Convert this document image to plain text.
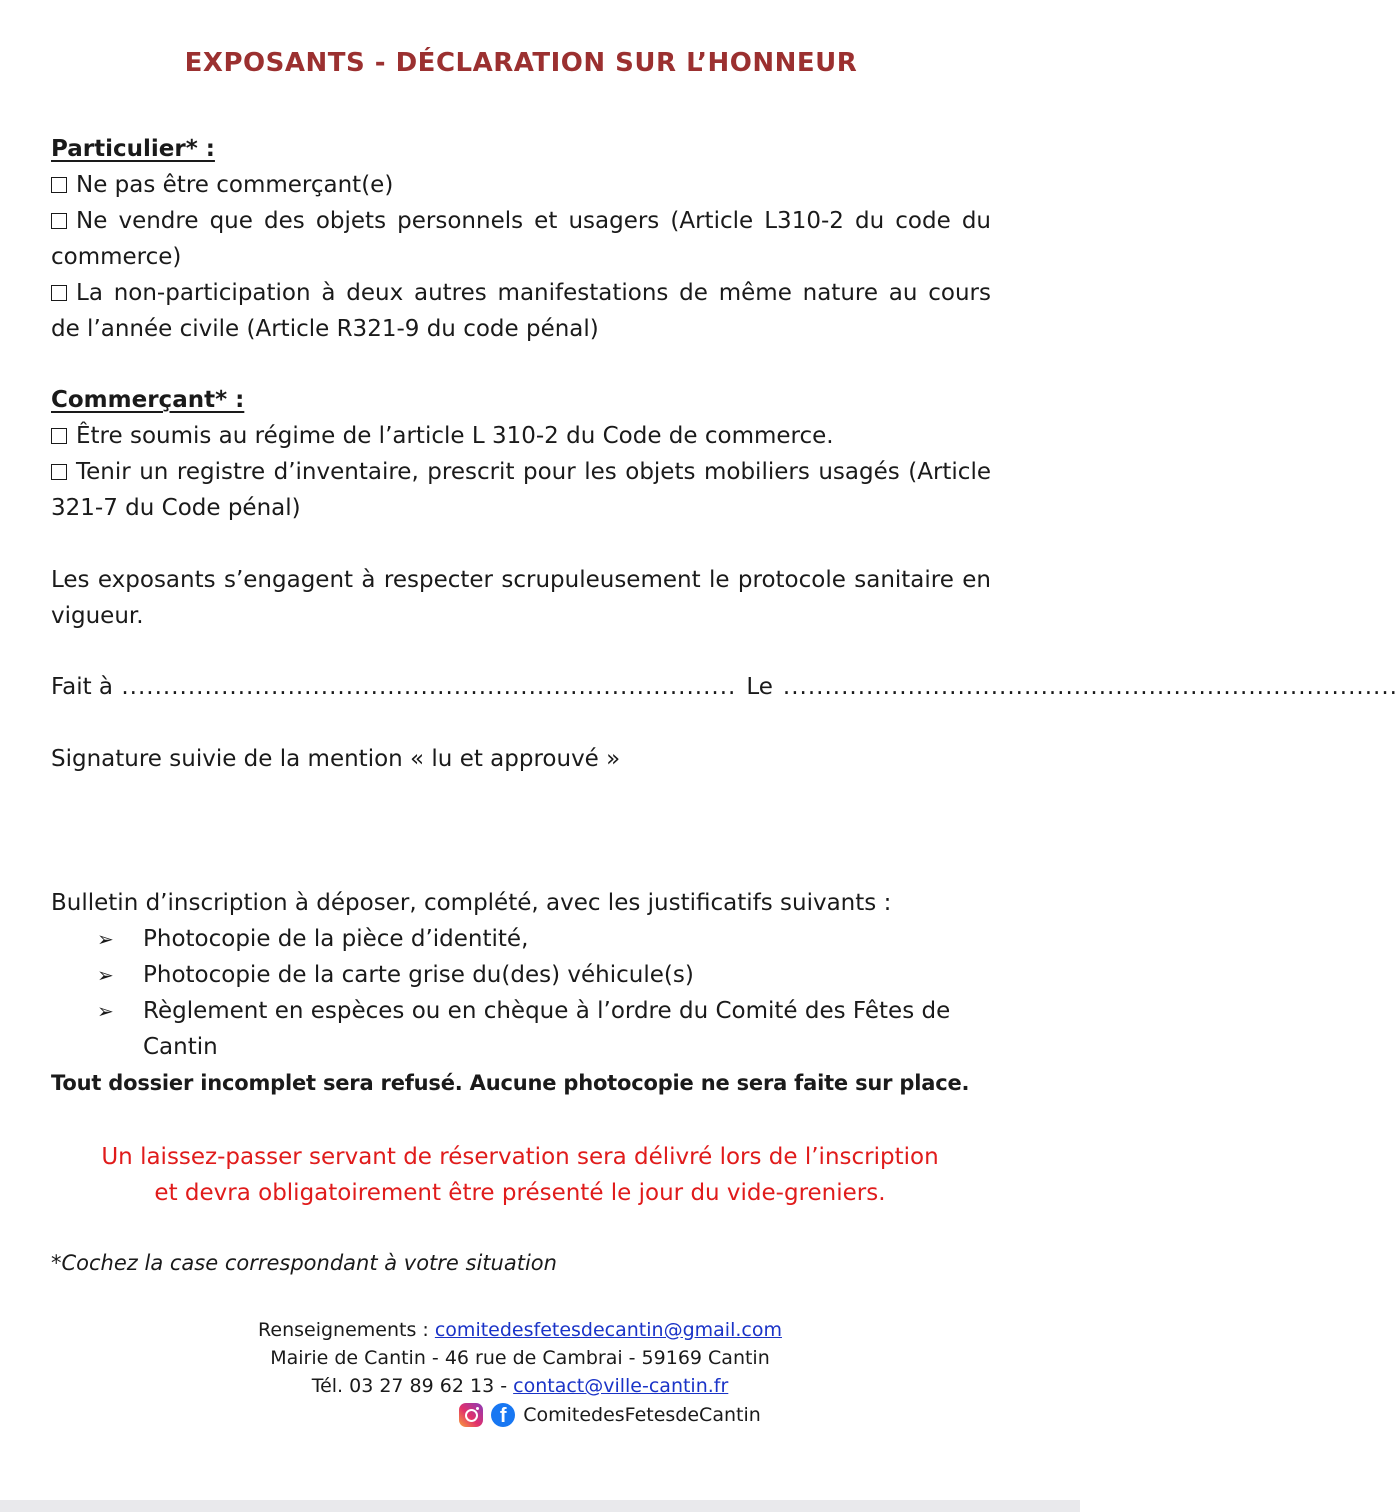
EXPOSANTS - DÉCLARATION SUR L’HONNEUR
Particulier* :
Ne pas être commerçant(e)
Ne vendre que des objets personnels et usagers (Article L310-2 du code du commerce)
La non-participation à deux autres manifestations de même nature au cours de l’année civile (Article R321-9 du code pénal)
Commerçant* :
Être soumis au régime de l’article L 310-2 du Code de commerce.
Tenir un registre d’inventaire, prescrit pour les objets mobiliers usagés (Article 321-7 du Code pénal)
Les exposants s’engagent à respecter scrupuleusement le protocole sanitaire en vigueur.
Fait à .......................................................................... Le ..........................................................................
Signature suivie de la mention « lu et approuvé »
Bulletin d’inscription à déposer, complété, avec les justificatifs suivants :
➢ Photocopie de la pièce d’identité,
➢ Photocopie de la carte grise du(des) véhicule(s)
➢ Règlement en espèces ou en chèque à l’ordre du Comité des Fêtes de Cantin
Tout dossier incomplet sera refusé. Aucune photocopie ne sera faite sur place.
Un laissez-passer servant de réservation sera délivré lors de l’inscription
et devra obligatoirement être présenté le jour du vide-greniers.
*Cochez la case correspondant à votre situation
Renseignements : comitedesfetesdecantin@gmail.com
Mairie de Cantin - 46 rue de Cambrai - 59169 Cantin
Tél. 03 27 89 62 13 - contact@ville-cantin.fr
f ComitedesFetesdeCantin
